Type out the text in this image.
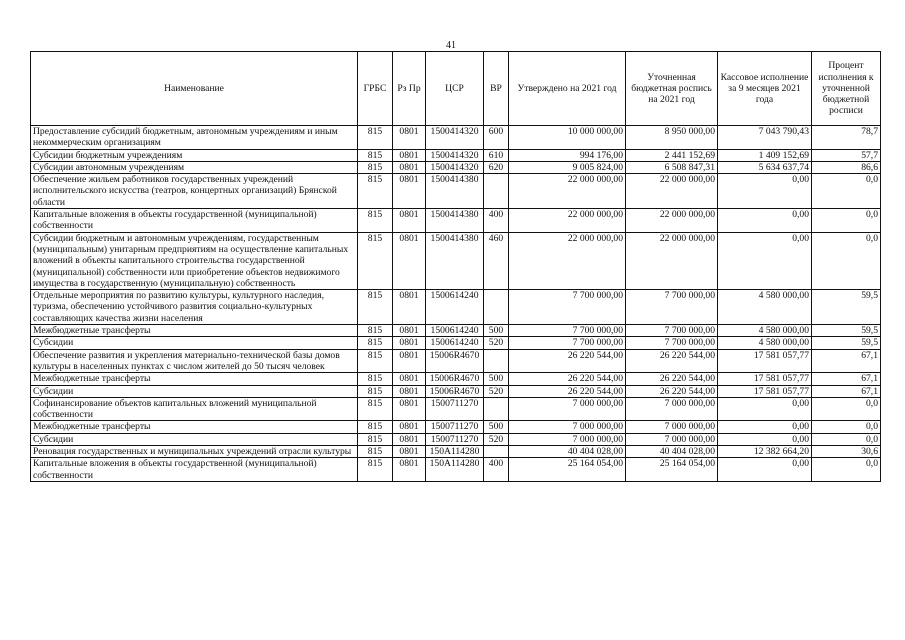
41
Наименование	ГРБС	Рз Пр	ЦСР	ВР	Утверждено на 2021 год	Уточненная бюджетная роспись на 2021 год	Кассовое исполнение за 9 месяцев 2021 года	Процент исполнения к уточненной бюджетной росписи
Предоставление субсидий бюджетным, автономным учреждениям и иным некоммерческим организациям	815	0801	1500414320	600	10 000 000,00	8 950 000,00	7 043 790,43	78,7
Субсидии бюджетным учреждениям	815	0801	1500414320	610	994 176,00	2 441 152,69	1 409 152,69	57,7
Субсидии автономным учреждениям	815	0801	1500414320	620	9 005 824,00	6 508 847,31	5 634 637,74	86,6
Обеспечение жильем работников государственных учреждений исполнительского искусства (театров, концертных организаций) Брянской области	815	0801	1500414380		22 000 000,00	22 000 000,00	0,00	0,0
Капитальные вложения в объекты государственной (муниципальной) собственности	815	0801	1500414380	400	22 000 000,00	22 000 000,00	0,00	0,0
Субсидии бюджетным и автономным учреждениям, государственным (муниципальным) унитарным предприятиям на осуществление капитальных вложений в объекты капитального строительства государственной (муниципальной) собственности или приобретение объектов недвижимого имущества в государственную (муниципальную) собственность	815	0801	1500414380	460	22 000 000,00	22 000 000,00	0,00	0,0
Отдельные мероприятия по развитию культуры, культурного наследия, туризма, обеспечению устойчивого развития социально-культурных составляющих качества жизни населения	815	0801	1500614240		7 700 000,00	7 700 000,00	4 580 000,00	59,5
Межбюджетные трансферты	815	0801	1500614240	500	7 700 000,00	7 700 000,00	4 580 000,00	59,5
Субсидии	815	0801	1500614240	520	7 700 000,00	7 700 000,00	4 580 000,00	59,5
Обеспечение развития и укрепления материально-технической базы домов культуры в населенных пунктах с числом жителей до 50 тысяч человек	815	0801	15006R4670		26 220 544,00	26 220 544,00	17 581 057,77	67,1
Межбюджетные трансферты	815	0801	15006R4670	500	26 220 544,00	26 220 544,00	17 581 057,77	67,1
Субсидии	815	0801	15006R4670	520	26 220 544,00	26 220 544,00	17 581 057,77	67,1
Софинансирование объектов капитальных вложений муниципальной собственности	815	0801	1500711270		7 000 000,00	7 000 000,00	0,00	0,0
Межбюджетные трансферты	815	0801	1500711270	500	7 000 000,00	7 000 000,00	0,00	0,0
Субсидии	815	0801	1500711270	520	7 000 000,00	7 000 000,00	0,00	0,0
Реновация государственных и муниципальных учреждений отрасли культуры	815	0801	150A114280		40 404 028,00	40 404 028,00	12 382 664,20	30,6
Капитальные вложения в объекты государственной (муниципальной) собственности	815	0801	150A114280	400	25 164 054,00	25 164 054,00	0,00	0,0
